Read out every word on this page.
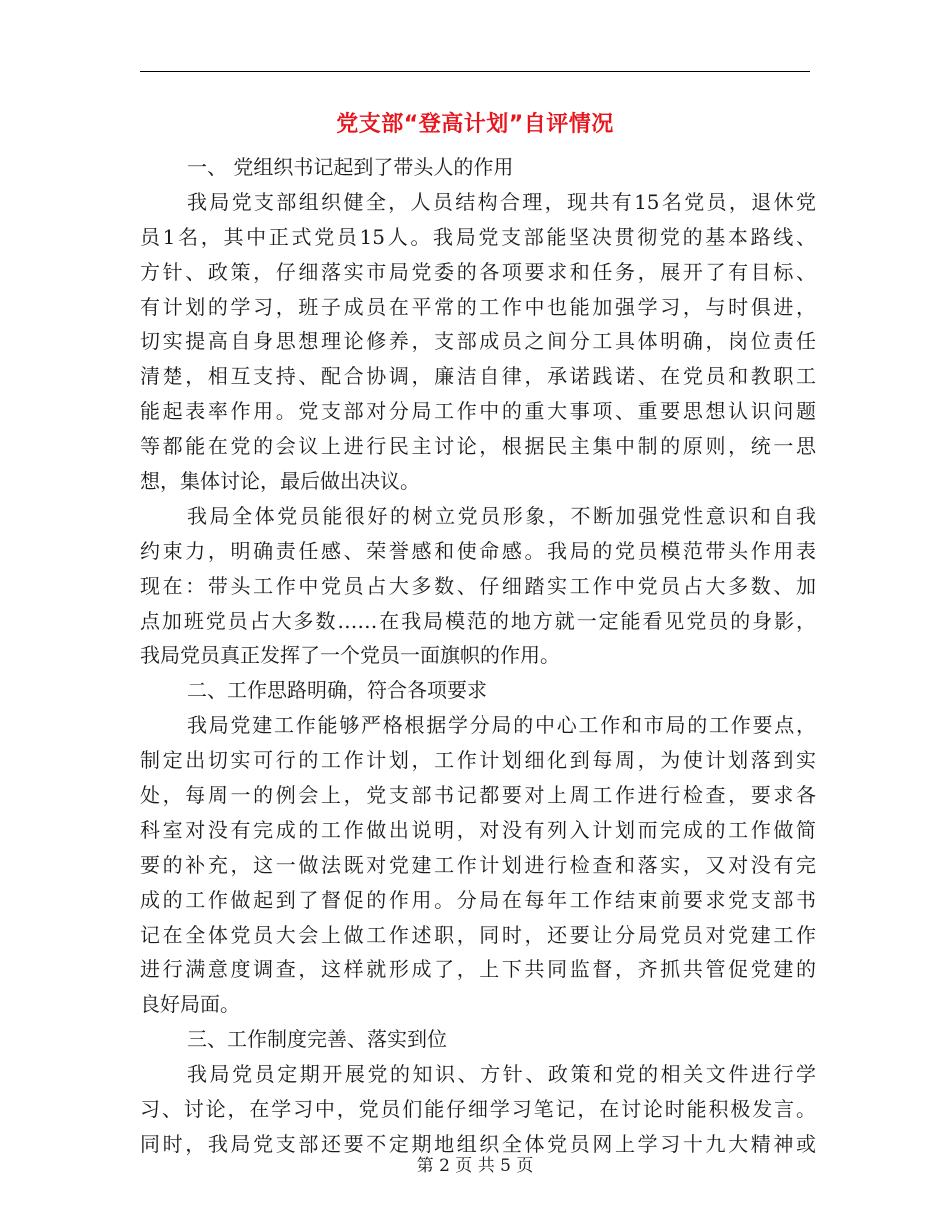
党支部“登高计划”自评情况
一、 党组织书记起到了带头人的作用
我局党支部组织健全，人员结构合理，现共有15名党员，退休党
员1名，其中正式党员15人。我局党支部能坚决贯彻党的基本路线、
方针、政策，仔细落实市局党委的各项要求和任务，展开了有目标、
有计划的学习，班子成员在平常的工作中也能加强学习，与时俱进，
切实提高自身思想理论修养，支部成员之间分工具体明确，岗位责任
清楚，相互支持、配合协调，廉洁自律，承诺践诺、在党员和教职工
能起表率作用。党支部对分局工作中的重大事项、重要思想认识问题
等都能在党的会议上进行民主讨论，根据民主集中制的原则，统一思
想，集体讨论，最后做出决议。
我局全体党员能很好的树立党员形象，不断加强党性意识和自我
约束力，明确责任感、荣誉感和使命感。我局的党员模范带头作用表
现在：带头工作中党员占大多数、仔细踏实工作中党员占大多数、加
点加班党员占大多数……在我局模范的地方就一定能看见党员的身影，
我局党员真正发挥了一个党员一面旗帜的作用。
二、工作思路明确，符合各项要求
我局党建工作能够严格根据学分局的中心工作和市局的工作要点，
制定出切实可行的工作计划，工作计划细化到每周，为使计划落到实
处，每周一的例会上，党支部书记都要对上周工作进行检查，要求各
科室对没有完成的工作做出说明，对没有列入计划而完成的工作做简
要的补充，这一做法既对党建工作计划进行检查和落实，又对没有完
成的工作做起到了督促的作用。分局在每年工作结束前要求党支部书
记在全体党员大会上做工作述职，同时，还要让分局党员对党建工作
进行满意度调查，这样就形成了，上下共同监督，齐抓共管促党建的
良好局面。
三、工作制度完善、落实到位
我局党员定期开展党的知识、方针、政策和党的相关文件进行学
习、讨论，在学习中，党员们能仔细学习笔记，在讨论时能积极发言。
同时，我局党支部还要不定期地组织全体党员网上学习十九大精神或
第 2 页 共 5 页
